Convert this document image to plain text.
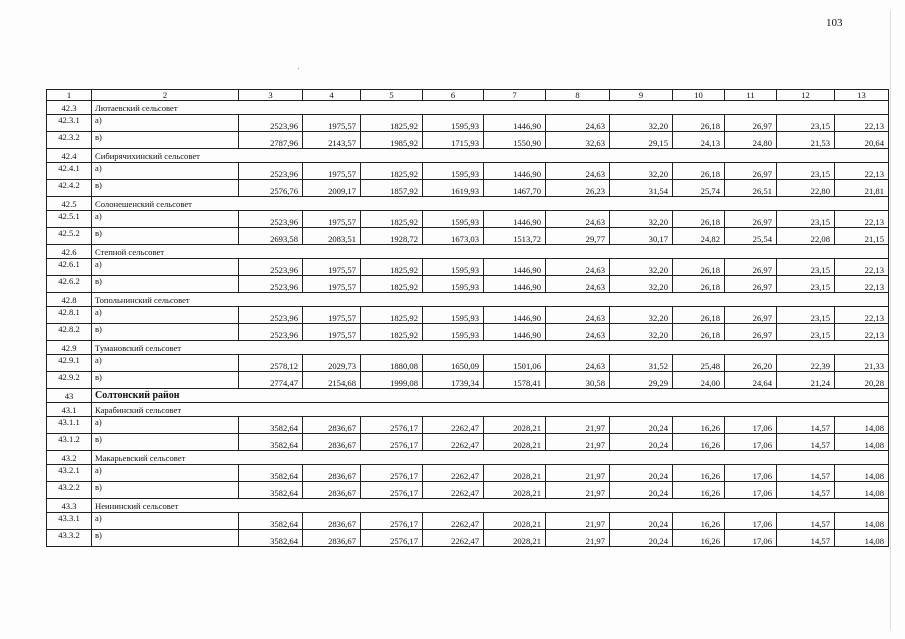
103
1	2	3	4	5	6	7	8	9	10	11	12	13
42.3	Лютаевский сельсовет											
42.3.1	а)	2523,96	1975,57	1825,92	1595,93	1446,90	24,63	32,20	26,18	26,97	23,15	22,13
42.3.2	в)	2787,96	2143,57	1985,92	1715,93	1550,90	32,63	29,15	24,13	24,80	21,53	20,64
42.4	Сибирячихинский сельсовет											
42.4.1	а)	2523,96	1975,57	1825,92	1595,93	1446,90	24,63	32,20	26,18	26,97	23,15	22,13
42.4.2	в)	2576,76	2009,17	1857,92	1619,93	1467,70	26,23	31,54	25,74	26,51	22,80	21,81
42.5	Солонешенский сельсовет											
42.5.1	а)	2523,96	1975,57	1825,92	1595,93	1446,90	24,63	32,20	26,18	26,97	23,15	22,13
42.5.2	в)	2693,58	2083,51	1928,72	1673,03	1513,72	29,77	30,17	24,82	25,54	22,08	21,15
42.6	Степной сельсовет											
42.6.1	а)	2523,96	1975,57	1825,92	1595,93	1446,90	24,63	32,20	26,18	26,97	23,15	22,13
42.6.2	в)	2523,96	1975,57	1825,92	1595,93	1446,90	24,63	32,20	26,18	26,97	23,15	22,13
42.8	Топольнинский сельсовет											
42.8.1	а)	2523,96	1975,57	1825,92	1595,93	1446,90	24,63	32,20	26,18	26,97	23,15	22,13
42.8.2	в)	2523,96	1975,57	1825,92	1595,93	1446,90	24,63	32,20	26,18	26,97	23,15	22,13
42.9	Тумановский сельсовет											
42.9.1	а)	2578,12	2029,73	1880,08	1650,09	1501,06	24,63	31,52	25,48	26,20	22,39	21,33
42.9.2	в)	2774,47	2154,68	1999,08	1739,34	1578,41	30,58	29,29	24,00	24,64	21,24	20,28
43	Солтонский район											
43.1	Карабинский сельсовет											
43.1.1	а)	3582,64	2836,67	2576,17	2262,47	2028,21	21,97	20,24	16,26	17,06	14,57	14,08
43.1.2	в)	3582,64	2836,67	2576,17	2262,47	2028,21	21,97	20,24	16,26	17,06	14,57	14,08
43.2	Макарьевский сельсовет											
43.2.1	а)	3582,64	2836,67	2576,17	2262,47	2028,21	21,97	20,24	16,26	17,06	14,57	14,08
43.2.2	в)	3582,64	2836,67	2576,17	2262,47	2028,21	21,97	20,24	16,26	17,06	14,57	14,08
43.3	Неининский сельсовет											
43.3.1	а)	3582,64	2836,67	2576,17	2262,47	2028,21	21,97	20,24	16,26	17,06	14,57	14,08
43.3.2	в)	3582,64	2836,67	2576,17	2262,47	2028,21	21,97	20,24	16,26	17,06	14,57	14,08
